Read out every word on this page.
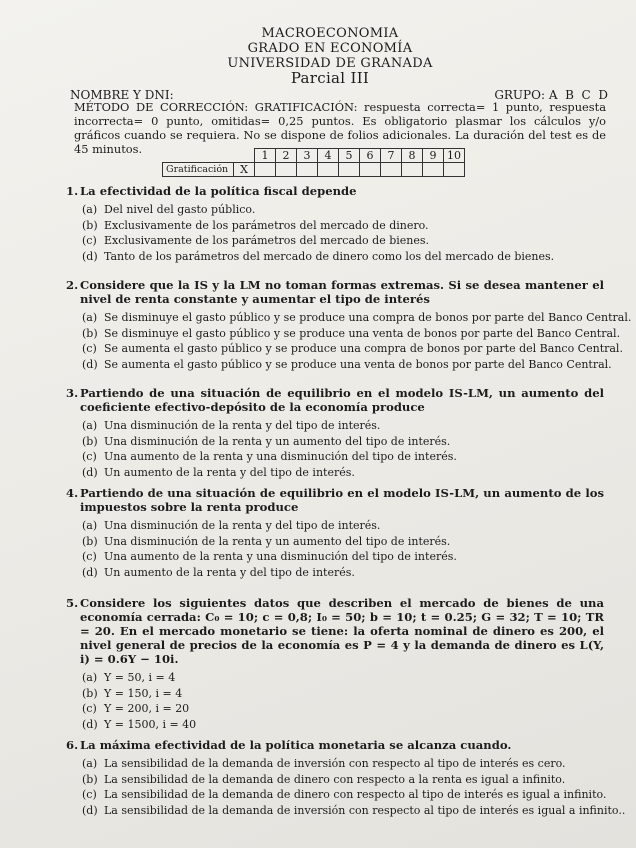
MACROECONOMIA
GRADO EN ECONOMÍA
UNIVERSIDAD DE GRANADA
Parcial III
NOMBRE Y DNI:	GRUPO: A  B  C  D
MÉTODO DE CORRECCIÓN: GRATIFICACIÓN: respuesta correcta= 1 punto, respuesta incorrecta= 0 punto, omitidas= 0,25 puntos. Es obligatorio plasmar los cálculos y/o gráficos cuando se requiera. No se dispone de folios adicionales. La duración del test es de 45 minutos.
			1	2	3	4	5	6	7	8	9	10
Gratificación	X										
1. La efectividad de la política fiscal depende
(a) Del nivel del gasto público.
(b) Exclusivamente de los parámetros del mercado de dinero.
(c) Exclusivamente de los parámetros del mercado de bienes.
(d) Tanto de los parámetros del mercado de dinero como los del mercado de bienes.
2. Considere que la IS y la LM no toman formas extremas. Si se desea mantener el nivel de renta constante y aumentar el tipo de interés
(a) Se disminuye el gasto público y se produce una compra de bonos por parte del Banco Central.
(b) Se disminuye el gasto público y se produce una venta de bonos por parte del Banco Central.
(c) Se aumenta el gasto público y se produce una compra de bonos por parte del Banco Central.
(d) Se aumenta el gasto público y se produce una venta de bonos por parte del Banco Central.
3. Partiendo de una situación de equilibrio en el modelo IS-LM, un aumento del coeficiente efectivo-depósito de la economía produce
(a) Una disminución de la renta y del tipo de interés.
(b) Una disminución de la renta y un aumento del tipo de interés.
(c) Una aumento de la renta y una disminución del tipo de interés.
(d) Un aumento de la renta y del tipo de interés.
4. Partiendo de una situación de equilibrio en el modelo IS-LM, un aumento de los impuestos sobre la renta produce
(a) Una disminución de la renta y del tipo de interés.
(b) Una disminución de la renta y un aumento del tipo de interés.
(c) Una aumento de la renta y una disminución del tipo de interés.
(d) Un aumento de la renta y del tipo de interés.
5. Considere los siguientes datos que describen el mercado de bienes de una economía cerrada: C₀ = 10; c = 0,8; I₀ = 50; b = 10; t = 0.25; G = 32; T = 10; TR = 20. En el mercado monetario se tiene: la oferta nominal de dinero es 200, el nivel general de precios de la economía es P = 4 y la demanda de dinero es L(Y, i) = 0.6Y − 10i.
(a) Y = 50, i = 4
(b) Y = 150, i = 4
(c) Y = 200, i = 20
(d) Y = 1500, i = 40
6. La máxima efectividad de la política monetaria se alcanza cuando.
(a) La sensibilidad de la demanda de inversión con respecto al tipo de interés es cero.
(b) La sensibilidad de la demanda de dinero con respecto a la renta es igual a infinito.
(c) La sensibilidad de la demanda de dinero con respecto al tipo de interés es igual a infinito.
(d) La sensibilidad de la demanda de inversión con respecto al tipo de interés es igual a infinito..
